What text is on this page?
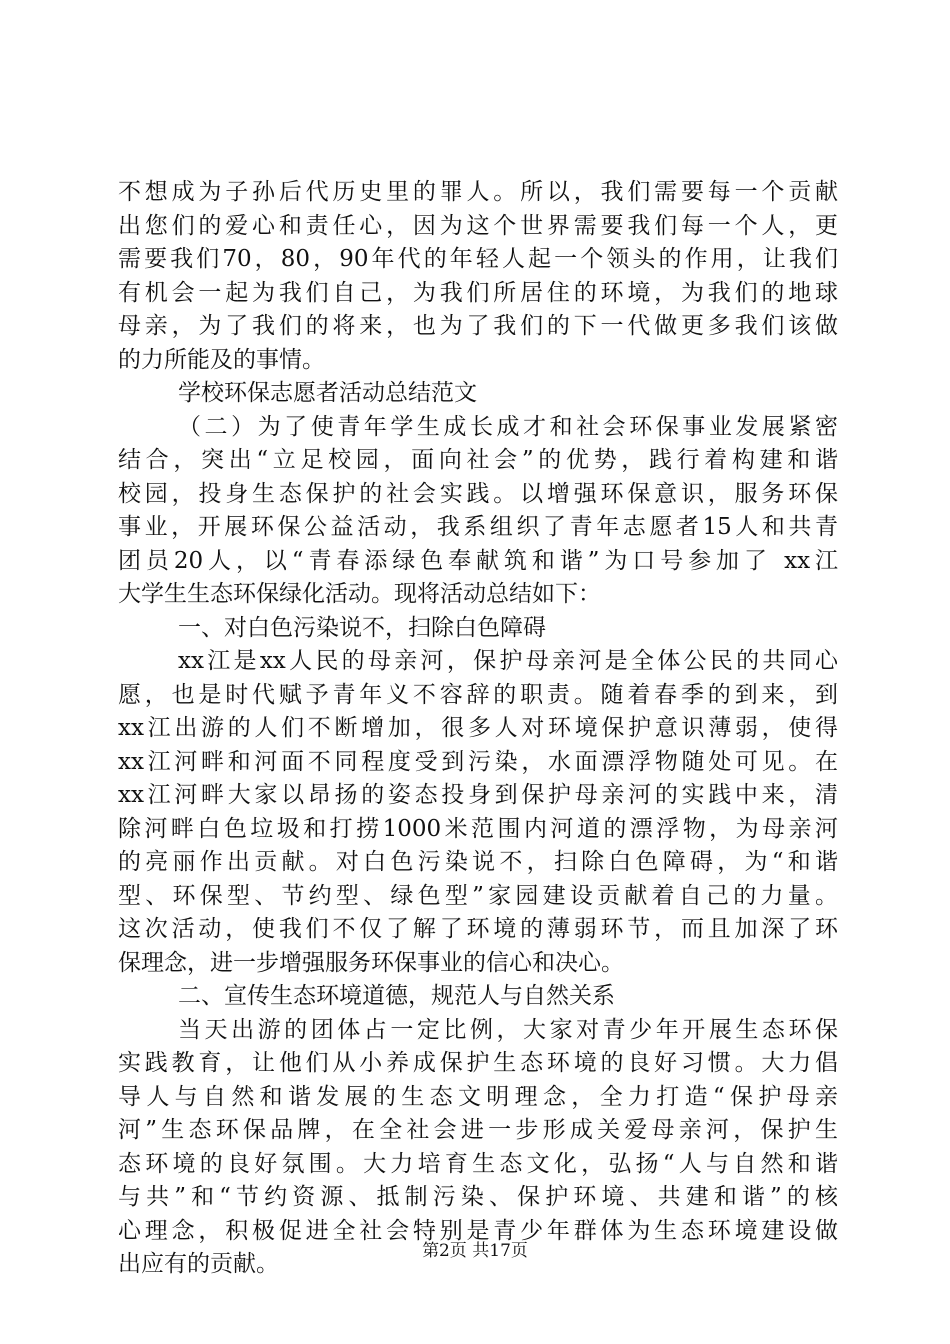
不想成为子孙后代历史里的罪人。所以，我们需要每一个贡献
出您们的爱心和责任心，因为这个世界需要我们每一个人，更
需要我们70，80，90年代的年轻人起一个领头的作用，让我们
有机会一起为我们自己，为我们所居住的环境，为我们的地球
母亲，为了我们的将来，也为了我们的下一代做更多我们该做
的力所能及的事情。
学校环保志愿者活动总结范文
（二）为了使青年学生成长成才和社会环保事业发展紧密
结合，突出“立足校园，面向社会”的优势，践行着构建和谐
校园，投身生态保护的社会实践。以增强环保意识，服务环保
事业，开展环保公益活动，我系组织了青年志愿者15人和共青
团员20人，以“青春添绿色奉献筑和谐”为口号参加了 xx江
大学生生态环保绿化活动。现将活动总结如下：
一、对白色污染说不，扫除白色障碍
xx江是xx人民的母亲河，保护母亲河是全体公民的共同心
愿，也是时代赋予青年义不容辞的职责。随着春季的到来，到
xx江出游的人们不断增加，很多人对环境保护意识薄弱，使得
xx江河畔和河面不同程度受到污染，水面漂浮物随处可见。在
xx江河畔大家以昂扬的姿态投身到保护母亲河的实践中来，清
除河畔白色垃圾和打捞1000米范围内河道的漂浮物，为母亲河
的亮丽作出贡献。对白色污染说不，扫除白色障碍，为“和谐
型、环保型、节约型、绿色型”家园建设贡献着自己的力量。
这次活动，使我们不仅了解了环境的薄弱环节，而且加深了环
保理念，进一步增强服务环保事业的信心和决心。
二、宣传生态环境道德，规范人与自然关系
当天出游的团体占一定比例，大家对青少年开展生态环保
实践教育，让他们从小养成保护生态环境的良好习惯。大力倡
导人与自然和谐发展的生态文明理念，全力打造“保护母亲
河”生态环保品牌，在全社会进一步形成关爱母亲河，保护生
态环境的良好氛围。大力培育生态文化，弘扬“人与自然和谐
与共”和“节约资源、抵制污染、保护环境、共建和谐”的核
心理念，积极促进全社会特别是青少年群体为生态环境建设做
出应有的贡献。	第2页 共17页
